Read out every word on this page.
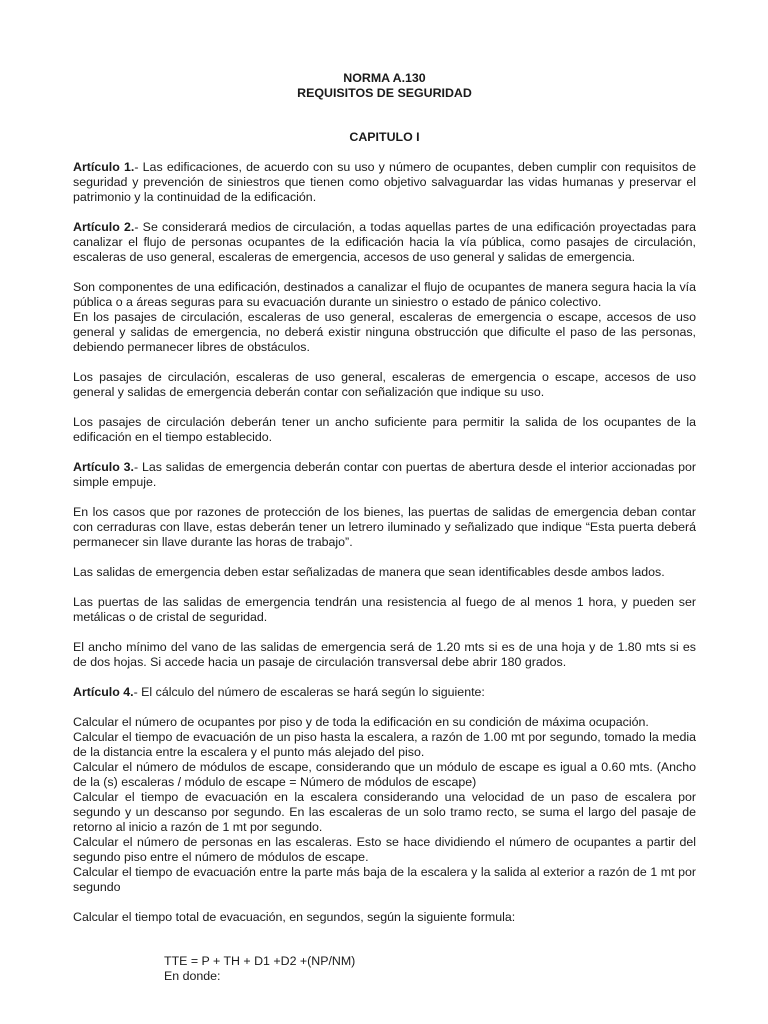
NORMA A.130
REQUISITOS DE SEGURIDAD
CAPITULO I

Artículo 1.- Las edificaciones, de acuerdo con su uso y número de ocupantes, deben cumplir con requisitos de seguridad y prevención de siniestros que tienen como objetivo salvaguardar las vidas humanas y preservar el patrimonio y la continuidad de la edificación.

Artículo 2.- Se considerará medios de circulación, a todas aquellas partes de una edificación proyectadas para canalizar el flujo de personas ocupantes de la edificación hacia la vía pública, como pasajes de circulación, escaleras de uso general, escaleras de emergencia, accesos de uso general y salidas de emergencia.

Son componentes de una edificación, destinados a canalizar el flujo de ocupantes de manera segura hacia la vía pública o a áreas seguras para su evacuación durante un siniestro o estado de pánico colectivo.

En los pasajes de circulación, escaleras de uso general, escaleras de emergencia o escape, accesos de uso general y salidas de emergencia, no deberá existir ninguna obstrucción que dificulte el paso de las personas, debiendo permanecer libres de obstáculos.

Los pasajes de circulación, escaleras de uso general, escaleras de emergencia o escape, accesos de uso general y salidas de emergencia deberán contar con señalización que indique su uso.

Los pasajes de circulación deberán tener un ancho suficiente para permitir la salida de los ocupantes de la edificación en el tiempo establecido.

Artículo 3.- Las salidas de emergencia deberán contar con puertas de abertura desde el interior accionadas por simple empuje.

En los casos que por razones de protección de los bienes, las puertas de salidas de emergencia deban contar con cerraduras con llave, estas deberán tener un letrero iluminado y señalizado que indique “Esta puerta deberá permanecer sin llave durante las horas de trabajo”.

Las salidas de emergencia deben estar señalizadas de manera que sean identificables desde ambos lados.

Las puertas de las salidas de emergencia tendrán una resistencia al fuego de al menos 1 hora, y pueden ser metálicas o de cristal de seguridad.

El ancho mínimo del vano de las salidas de emergencia será de 1.20 mts si es de una hoja y de 1.80 mts si es de dos hojas. Si accede hacia un pasaje de circulación transversal debe abrir 180 grados.

Artículo 4.- El cálculo del número de escaleras se hará según lo siguiente:

Calcular el número de ocupantes por piso y de toda la edificación en su condición de máxima ocupación.

Calcular el tiempo de evacuación de un piso hasta la escalera, a razón de 1.00 mt por segundo, tomado la media de la distancia entre la escalera y el punto más alejado del piso.

Calcular el número de módulos de escape, considerando que un módulo de escape es igual a 0.60 mts. (Ancho de la (s) escaleras / módulo de escape = Número de módulos de escape)

Calcular el tiempo de evacuación en la escalera considerando una velocidad de un paso de escalera por segundo y un descanso por segundo. En las escaleras de un solo tramo recto, se suma el largo del pasaje de retorno al inicio a razón de 1 mt por segundo.

Calcular el número de personas en las escaleras. Esto se hace dividiendo el número de ocupantes a partir del segundo piso entre el número de módulos de escape.

Calcular el tiempo de evacuación entre la parte más baja de la escalera y la salida al exterior a razón de 1 mt por segundo

Calcular el tiempo total de evacuación, en segundos, según la siguiente formula:

TTE = P + TH + D1 +D2 +(NP/NM)
En donde:
